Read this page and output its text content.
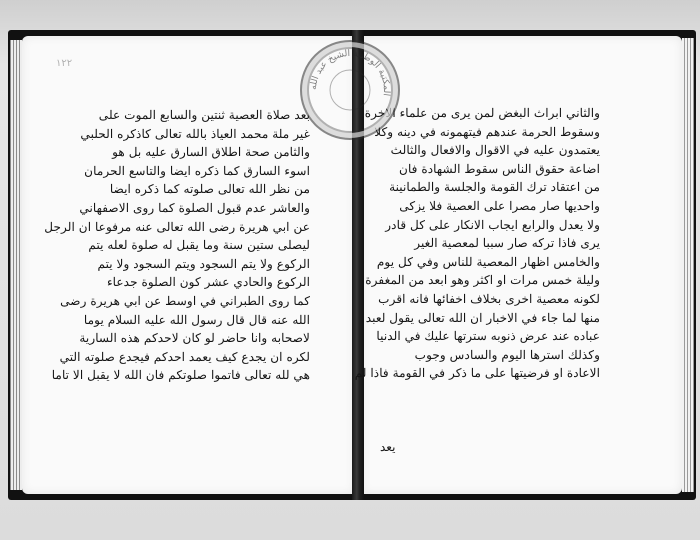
١٢٢
بعد صلاة العصية ثنتين والسابع الموت على
غير ملة محمد العياذ بالله تعالى كاذكره الحلبي
والثامن صحة اطلاق السارق عليه بل هو
اسوء السارق كما ذكره ايضا والتاسع الحرمان
من نظر الله تعالى صلوته كما ذكره ايضا
والعاشر عدم قبول الصلوة كما روى الاصفهاني
عن ابي هريرة رضى الله تعالى عنه مرفوعا ان الرجل
ليصلى ستين سنة وما يقبل له صلوة لعله يتم
الركوع ولا يتم السجود ويتم السجود ولا يتم
الركوع والحادي عشر كون الصلوة جدعاء
كما روى الطبراني في اوسط عن ابي هريرة رضى
الله عنه قال قال رسول الله عليه السلام يوما
لاصحابه وانا حاضر لو كان لاحدكم هذه السارية
لكره ان يجدع كيف يعمد احدكم فيجدع صلوته التي
هي لله تعالى فاتموا صلوتكم فان الله لا يقبل الا تاما
والثاني ابراث البغض لمن يرى من علماء الاخرة
وسقوط الحرمة عندهم فيتهمونه في دينه وكلا
يعتمدون عليه في الاقوال والافعال والثالث
اضاعة حقوق الناس سقوط الشهادة فان
من اعتقاد ترك القومة والجلسة والطمانينة
واحديها صار مصرا على العصية فلا يزكى
ولا يعدل والرابع ايجاب الانكار على كل قادر
يرى فاذا تركه صار سببا لمعصية الغير
والخامس اظهار المعصية للناس وفي كل يوم
وليلة خمس مرات او اكثر وهو ابعد من المغفرة
لكونه معصية اخرى بخلاف اخفائها فانه اقرب
منها لما جاء في الاخبار ان الله تعالى يقول لعبد
عباده عند عرض ذنوبه سترتها عليك في الدنيا
وكذلك استرها اليوم والسادس وجوب
الاعادة او فرضيتها على ما ذكر في القومة فاذا لم
يعد
المكتبة الوطنية الشيخ عبد الله
